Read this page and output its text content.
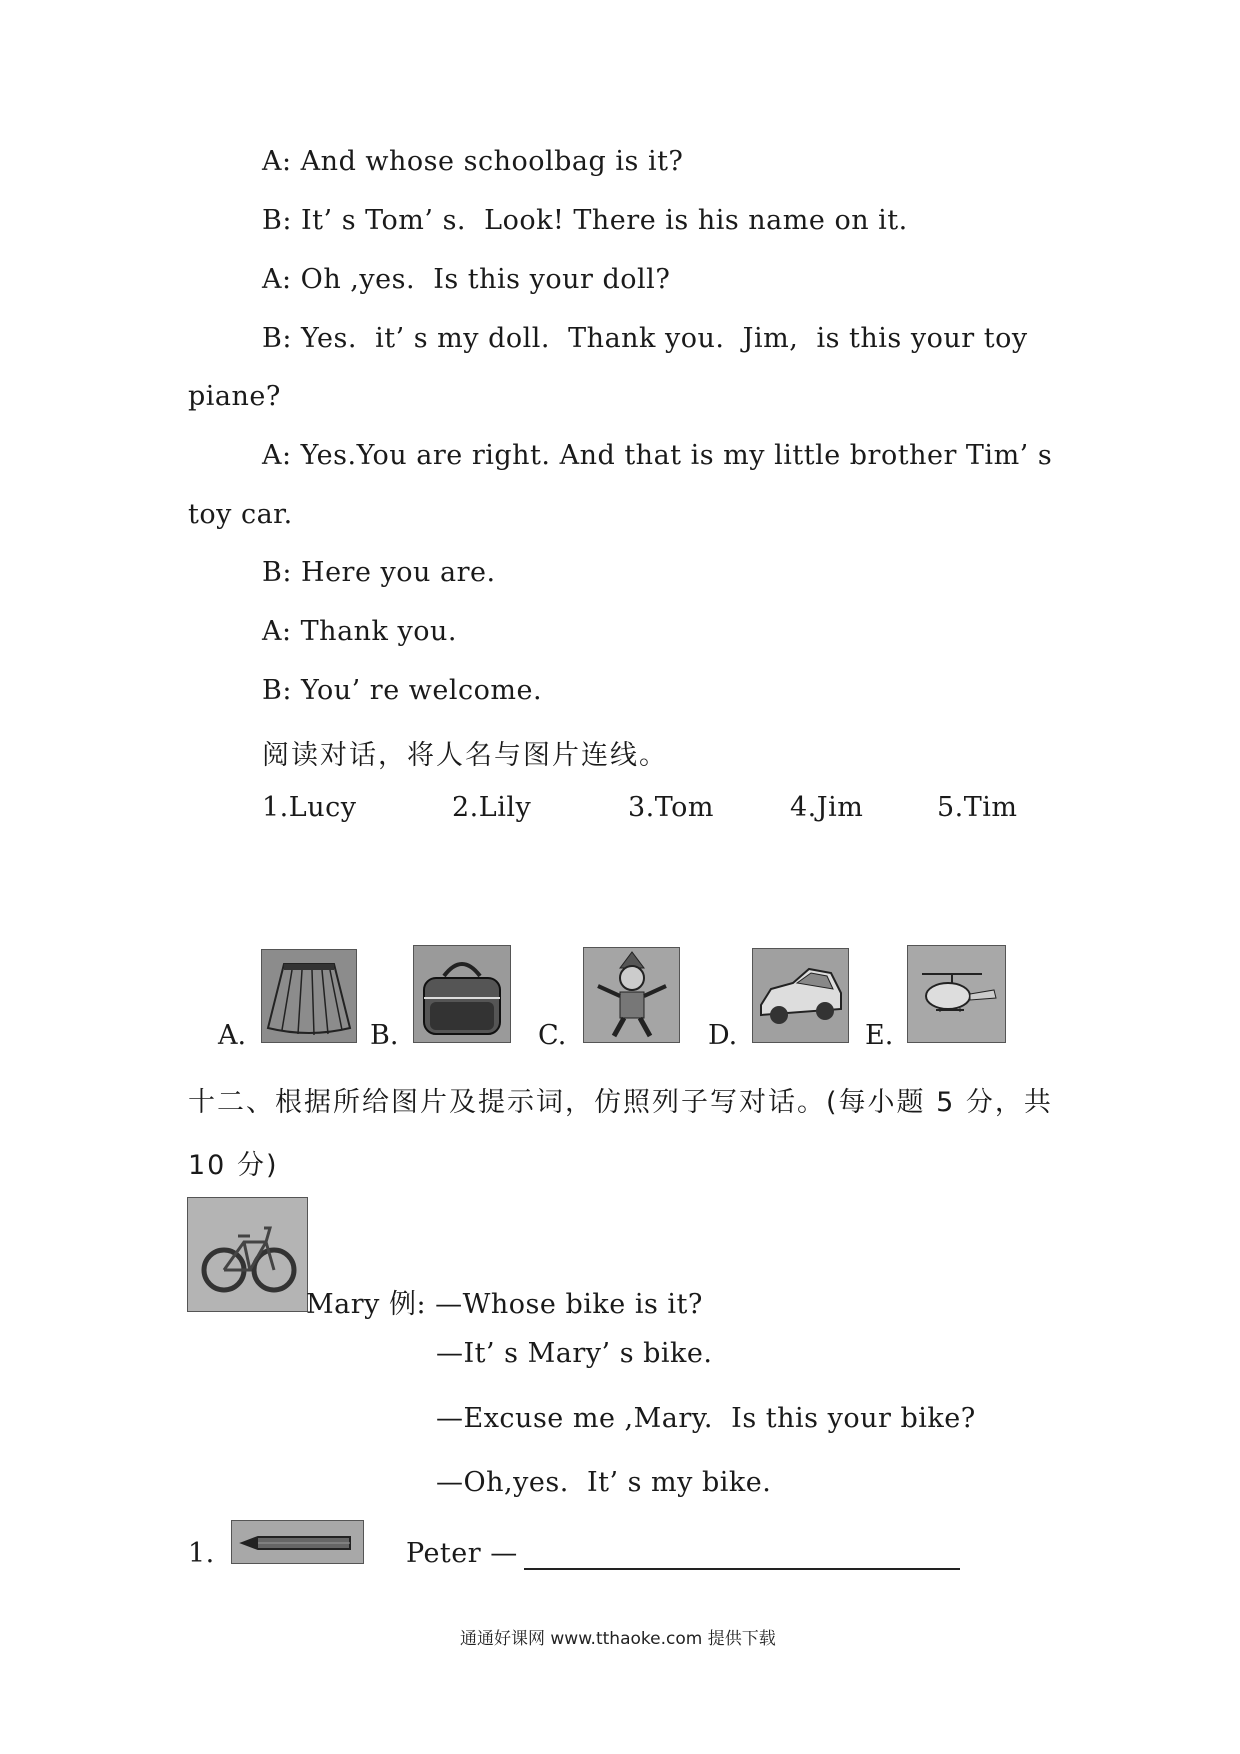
A: And whose schoolbag is it?
B: It’ s Tom’ s.  Look! There is his name on it.
A: Oh ,yes.  Is this your doll?
B: Yes.  it’ s my doll.  Thank you.  Jim,  is this your toy
piane?
A: Yes.You are right. And that is my little brother Tim’ s
toy car.
B: Here you are.
A: Thank you.
B: You’ re welcome.
阅读对话，将人名与图片连线。
1.Lucy	2.Lily	3.Tom	4.Jim	5.Tim
A.	B.	C.	D.	E.
十二、根据所给图片及提示词，仿照列子写对话。(每小题 5 分，共
10 分)
Mary 例: —Whose bike is it?
—It’ s Mary’ s bike.
—Excuse me ,Mary.  Is this your bike?
—Oh,yes.  It’ s my bike.
1.	Peter —
通通好课网 www.tthaoke.com 提供下载
